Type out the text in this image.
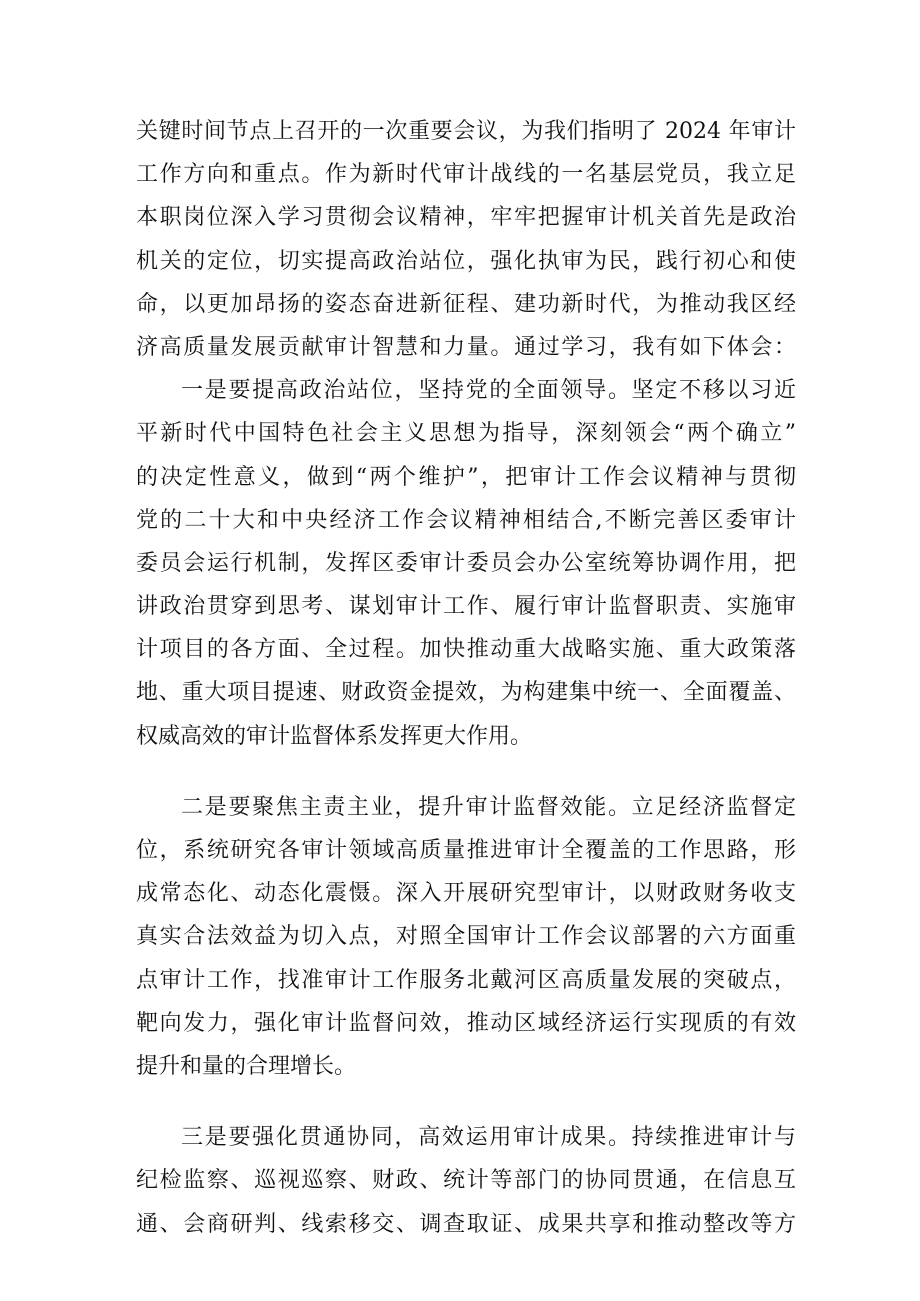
关键时间节点上召开的一次重要会议，为我们指明了 2024 年审计
工作方向和重点。作为新时代审计战线的一名基层党员，我立足
本职岗位深入学习贯彻会议精神，牢牢把握审计机关首先是政治
机关的定位，切实提高政治站位，强化执审为民，践行初心和使
命，以更加昂扬的姿态奋进新征程、建功新时代，为推动我区经
济高质量发展贡献审计智慧和力量。通过学习，我有如下体会：
一是要提高政治站位，坚持党的全面领导。坚定不移以习近
平新时代中国特色社会主义思想为指导，深刻领会“两个确立”
的决定性意义，做到“两个维护”，把审计工作会议精神与贯彻
党的二十大和中央经济工作会议精神相结合,不断完善区委审计
委员会运行机制，发挥区委审计委员会办公室统筹协调作用，把
讲政治贯穿到思考、谋划审计工作、履行审计监督职责、实施审
计项目的各方面、全过程。加快推动重大战略实施、重大政策落
地、重大项目提速、财政资金提效，为构建集中统一、全面覆盖、
权威高效的审计监督体系发挥更大作用。
二是要聚焦主责主业，提升审计监督效能。立足经济监督定
位，系统研究各审计领域高质量推进审计全覆盖的工作思路，形
成常态化、动态化震慑。深入开展研究型审计，以财政财务收支
真实合法效益为切入点，对照全国审计工作会议部署的六方面重
点审计工作，找准审计工作服务北戴河区高质量发展的突破点，
靶向发力，强化审计监督问效，推动区域经济运行实现质的有效
提升和量的合理增长。
三是要强化贯通协同，高效运用审计成果。持续推进审计与
纪检监察、巡视巡察、财政、统计等部门的协同贯通，在信息互
通、会商研判、线索移交、调查取证、成果共享和推动整改等方
